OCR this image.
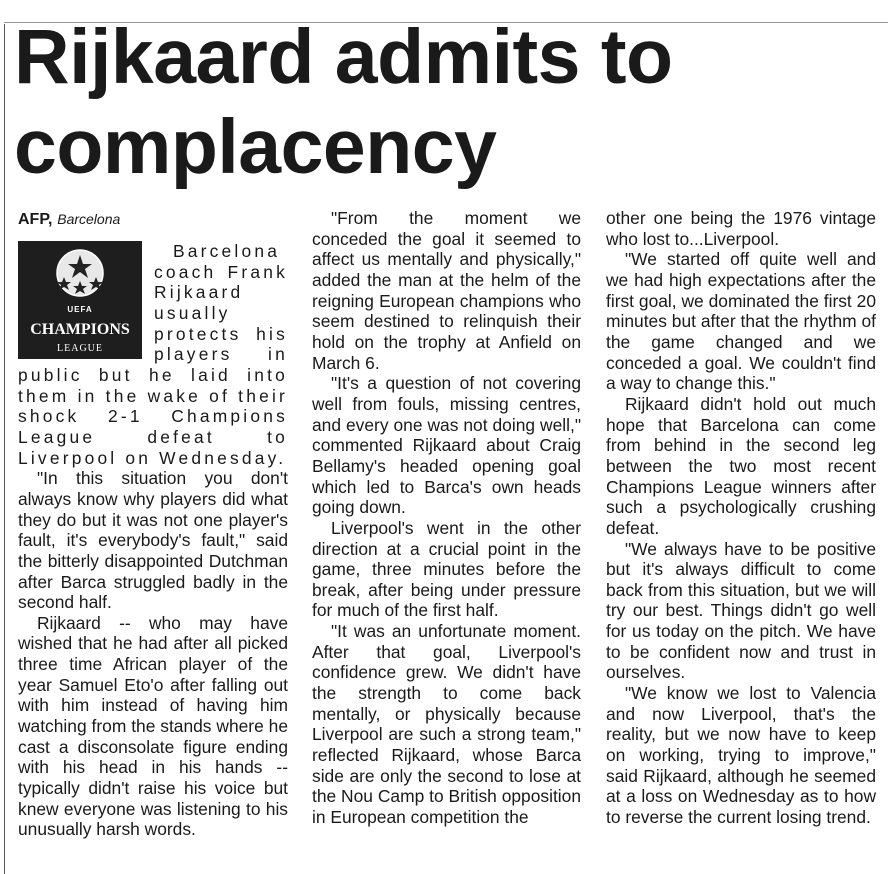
Rijkaard admits to complacency
AFP, Barcelona
UEFA
CHAMPIONS
LEAGUE

Barcelona coach Frank Rijkaard usually protects his players in public but he laid into them in the wake of their shock 2-1 Champions League defeat to Liverpool on Wednesday.

"In this situation you don't always know why players did what they do but it was not one player's fault, it's everybody's fault," said the bitterly disappointed Dutchman after Barca struggled badly in the second half.

Rijkaard -- who may have wished that he had after all picked three time African player of the year Samuel Eto'o after falling out with him instead of having him watching from the stands where he cast a disconsolate figure ending with his head in his hands -- typically didn't raise his voice but knew everyone was listening to his unusually harsh words.

"From the moment we conceded the goal it seemed to affect us mentally and physically," added the man at the helm of the reigning European champions who seem destined to relinquish their hold on the trophy at Anfield on March 6.

"It's a question of not covering well from fouls, missing centres, and every one was not doing well," commented Rijkaard about Craig Bellamy's headed opening goal which led to Barca's own heads going down.

Liverpool's went in the other direction at a crucial point in the game, three minutes before the break, after being under pressure for much of the first half.

"It was an unfortunate moment. After that goal, Liverpool's confidence grew. We didn't have the strength to come back mentally, or physically because Liverpool are such a strong team," reflected Rijkaard, whose Barca side are only the second to lose at the Nou Camp to British opposition in European competition the

other one being the 1976 vintage who lost to...Liverpool.

"We started off quite well and we had high expectations after the first goal, we dominated the first 20 minutes but after that the rhythm of the game changed and we conceded a goal. We couldn't find a way to change this."

Rijkaard didn't hold out much hope that Barcelona can come from behind in the second leg between the two most recent Champions League winners after such a psychologically crushing defeat.

"We always have to be positive but it's always difficult to come back from this situation, but we will try our best. Things didn't go well for us today on the pitch. We have to be confident now and trust in ourselves.

"We know we lost to Valencia and now Liverpool, that's the reality, but we now have to keep on working, trying to improve," said Rijkaard, although he seemed at a loss on Wednesday as to how to reverse the current losing trend.
